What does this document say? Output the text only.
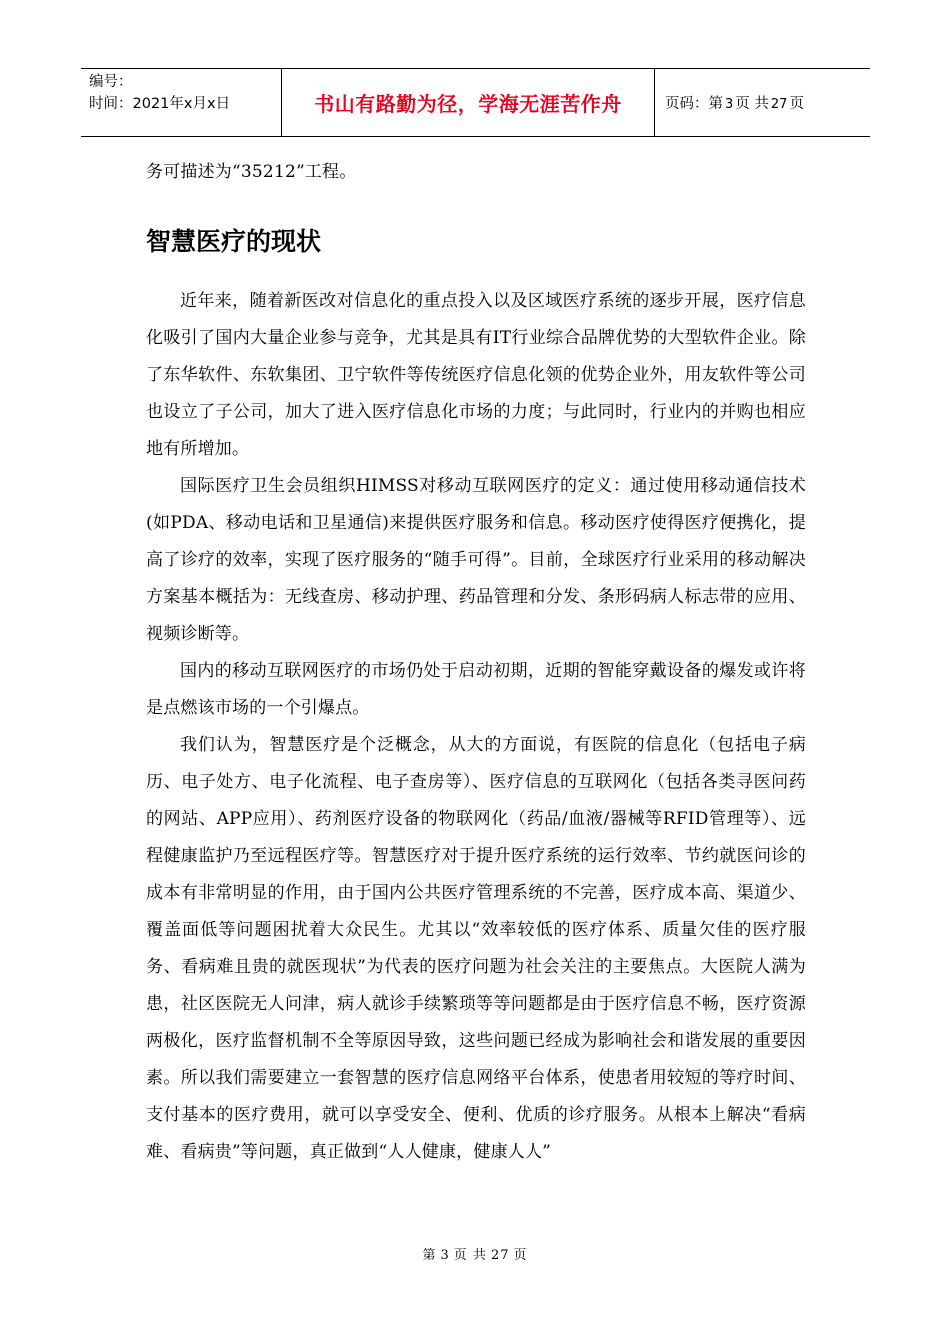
编号：
时间：2021年x月x日	书山有路勤为径，学海无涯苦作舟	页码：第 3 页 共 27 页
务可描述为“35212”工程。
智慧医疗的现状

近年来，随着新医改对信息化的重点投入以及区域医疗系统的逐步开展，医疗信息化吸引了国内大量企业参与竞争，尤其是具有IT行业综合品牌优势的大型软件企业。除了东华软件、东软集团、卫宁软件等传统医疗信息化领的优势企业外，用友软件等公司也设立了子公司，加大了进入医疗信息化市场的力度；与此同时，行业内的并购也相应地有所增加。

国际医疗卫生会员组织HIMSS对移动互联网医疗的定义：通过使用移动通信技术(如PDA、移动电话和卫星通信)来提供医疗服务和信息。移动医疗使得医疗便携化，提高了诊疗的效率，实现了医疗服务的“随手可得”。目前，全球医疗行业采用的移动解决方案基本概括为：无线查房、移动护理、药品管理和分发、条形码病人标志带的应用、视频诊断等。

国内的移动互联网医疗的市场仍处于启动初期，近期的智能穿戴设备的爆发或许将是点燃该市场的一个引爆点。

我们认为，智慧医疗是个泛概念，从大的方面说，有医院的信息化（包括电子病历、电子处方、电子化流程、电子查房等）、医疗信息的互联网化（包括各类寻医问药的网站、APP应用）、药剂医疗设备的物联网化（药品/血液/器械等RFID管理等）、远程健康监护乃至远程医疗等。智慧医疗对于提升医疗系统的运行效率、节约就医问诊的成本有非常明显的作用，由于国内公共医疗管理系统的不完善，医疗成本高、渠道少、覆盖面低等问题困扰着大众民生。尤其以“效率较低的医疗体系、质量欠佳的医疗服务、看病难且贵的就医现状”为代表的医疗问题为社会关注的主要焦点。大医院人满为患，社区医院无人问津，病人就诊手续繁琐等等问题都是由于医疗信息不畅，医疗资源两极化，医疗监督机制不全等原因导致，这些问题已经成为影响社会和谐发展的重要因素。所以我们需要建立一套智慧的医疗信息网络平台体系，使患者用较短的等疗时间、支付基本的医疗费用，就可以享受安全、便利、优质的诊疗服务。从根本上解决“看病难、看病贵”等问题，真正做到“人人健康，健康人人”

第 3 页 共 27 页
